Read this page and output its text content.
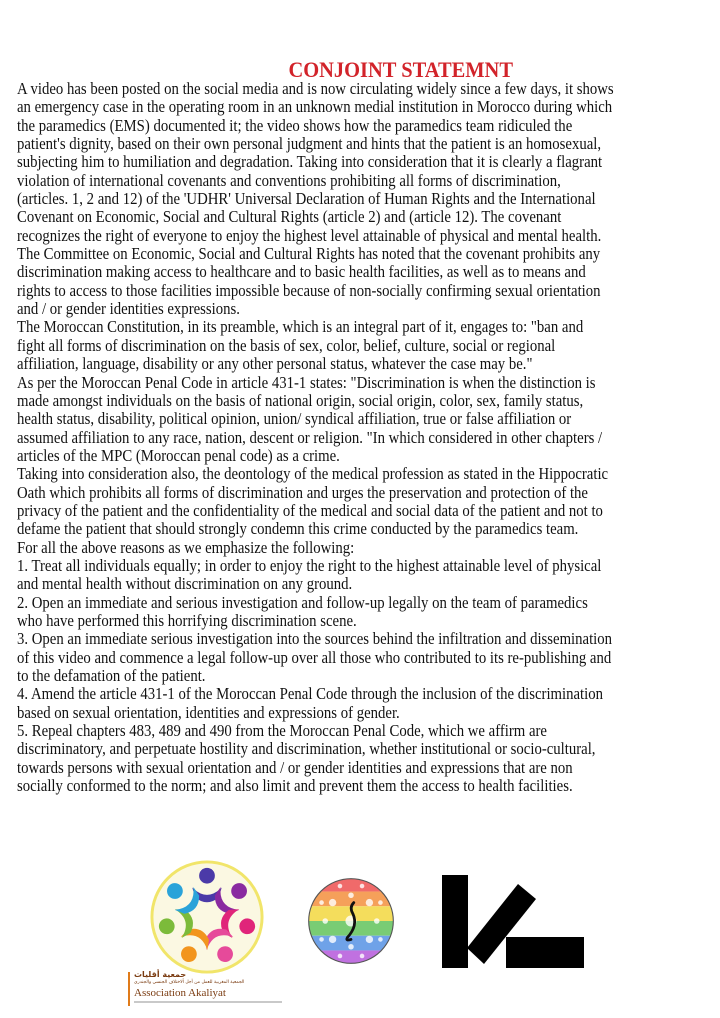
CONJOINT STATEMNT
A video has been posted on the social media and is now circulating widely since a few days, it shows
an emergency case in the operating room in an unknown medial institution in Morocco during which
the paramedics (EMS) documented it; the video shows how the paramedics team ridiculed the
patient's dignity, based on their own personal judgment and hints that the patient is an homosexual,
subjecting him to humiliation and degradation. Taking into consideration that it is clearly a flagrant
violation of international covenants and conventions prohibiting all forms of discrimination,
(articles. 1, 2 and 12) of the 'UDHR' Universal Declaration of Human Rights and the International
Covenant on Economic, Social and Cultural Rights (article 2) and (article 12). The covenant
recognizes the right of everyone to enjoy the highest level attainable of physical and mental health.
The Committee on Economic, Social and Cultural Rights has noted that the covenant prohibits any
discrimination making access to healthcare and to basic health facilities, as well as to means and
rights to access to those facilities impossible because of non-socially confirming sexual orientation
and / or gender identities expressions.
The Moroccan Constitution, in its preamble, which is an integral part of it, engages to: "ban and
fight all forms of discrimination on the basis of sex, color, belief, culture, social or regional
affiliation, language, disability or any other personal status, whatever the case may be."
As per the Moroccan Penal Code in article 431-1 states: "Discrimination is when the distinction is
made amongst individuals on the basis of national origin, social origin, color, sex, family status,
health status, disability, political opinion, union/ syndical affiliation, true or false affiliation or
assumed affiliation to any race, nation, descent or religion. "In which considered in other chapters /
articles of the MPC (Moroccan penal code) as a crime.
Taking into consideration also, the deontology of the medical profession as stated in the Hippocratic
Oath which prohibits all forms of discrimination and urges the preservation and protection of the
privacy of the patient and the confidentiality of the medical and social data of the patient and not to
defame the patient that should strongly condemn this crime conducted by the paramedics team.
For all the above reasons as we emphasize the following:
1. Treat all individuals equally; in order to enjoy the right to the highest attainable level of physical
and mental health without discrimination on any ground.
2. Open an immediate and serious investigation and follow-up legally on the team of paramedics
who have performed this horrifying discrimination scene.
3. Open an immediate serious investigation into the sources behind the infiltration and dissemination
of this video and commence a legal follow-up over all those who contributed to its re-publishing and
to the defamation of the patient.
4. Amend the article 431-1 of the Moroccan Penal Code through the inclusion of the discrimination
based on sexual orientation, identities and expressions of gender.
5. Repeal chapters 483, 489 and 490 from the Moroccan Penal Code, which we affirm are
discriminatory, and perpetuate hostility and discrimination, whether institutional or socio-cultural,
towards persons with sexual orientation and / or gender identities and expressions that are non
socially conformed to the norm; and also limit and prevent them the access to health facilities.
جمعية أقليات
الجمعية المغربية للعمل من أجل الاختلاف الجنسي والجندري
Association Akaliyat
